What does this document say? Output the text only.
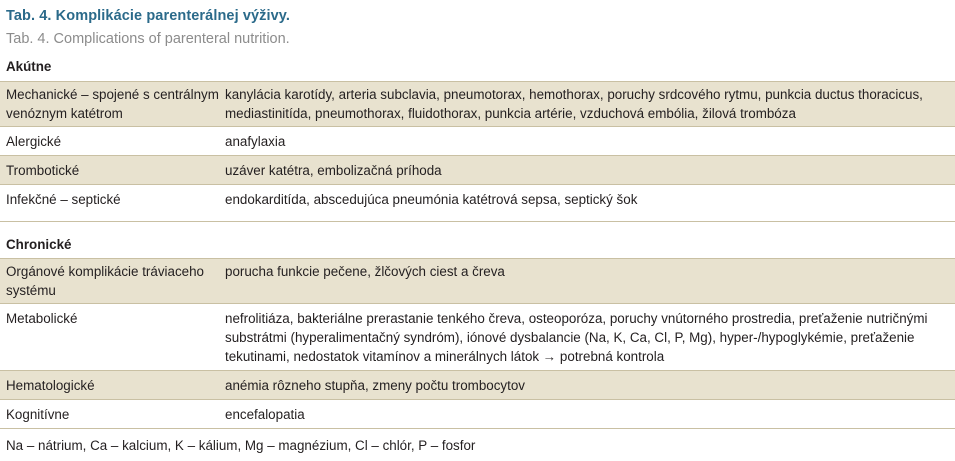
Tab. 4. Komplikácie parenterálnej výživy.
Tab. 4. Complications of parenteral nutrition.
Akútne	
Mechanické – spojené s centrálnym venóznym katétrom	kanylácia karotídy, arteria subclavia, pneumotorax, hemothorax, poruchy srdcového rytmu, punkcia ductus thoracicus, mediastinitída, pneumothorax, fluidothorax, punkcia artérie, vzduchová embólia, žilová trombóza
Alergické	anafylaxia
Trombotické	uzáver katétra, embolizačná príhoda
Infekčné – septické	endokarditída, abscedujúca pneumónia katétrová sepsa, septický šok

Chronické	
Orgánové komplikácie tráviaceho systému	porucha funkcie pečene, žlčových ciest a čreva
Metabolické	nefrolitiáza, bakteriálne prerastanie tenkého čreva, osteoporóza, poruchy vnútorného prostredia, preťaženie nutričnými substrátmi (hyperalimentačný syndróm), iónové dysbalancie (Na, K, Ca, Cl, P, Mg), hyper-/hypoglykémie, preťaženie tekutinami, nedostatok vitamínov a minerálnych látok → potrebná kontrola
Hematologické	anémia rôzneho stupňa, zmeny počtu trombocytov
Kognitívne	encefalopatia
Na – nátrium, Ca – kalcium, K – kálium, Mg – magnézium, Cl – chlór, P – fosfor
